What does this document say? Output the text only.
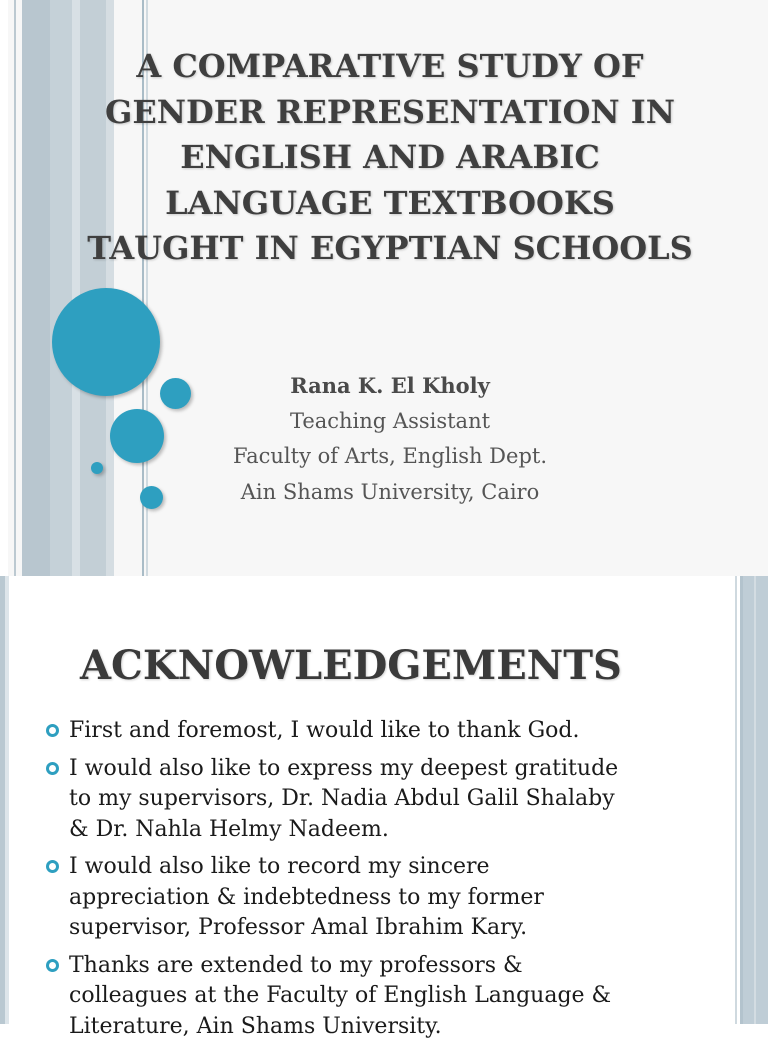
A COMPARATIVE STUDY OF
GENDER REPRESENTATION IN
ENGLISH AND ARABIC
LANGUAGE TEXTBOOKS
TAUGHT IN EGYPTIAN SCHOOLS
Rana K. El Kholy
Teaching Assistant
Faculty of Arts, English Dept.
Ain Shams University, Cairo
ACKNOWLEDGEMENTS
First and foremost, I would like to thank God.
I would also like to express my deepest gratitude
to my supervisors, Dr. Nadia Abdul Galil Shalaby
& Dr. Nahla Helmy Nadeem.
I would also like to record my sincere
appreciation & indebtedness to my former
supervisor, Professor Amal Ibrahim Kary.
Thanks are extended to my professors &
colleagues at the Faculty of English Language &
Literature, Ain Shams University.
